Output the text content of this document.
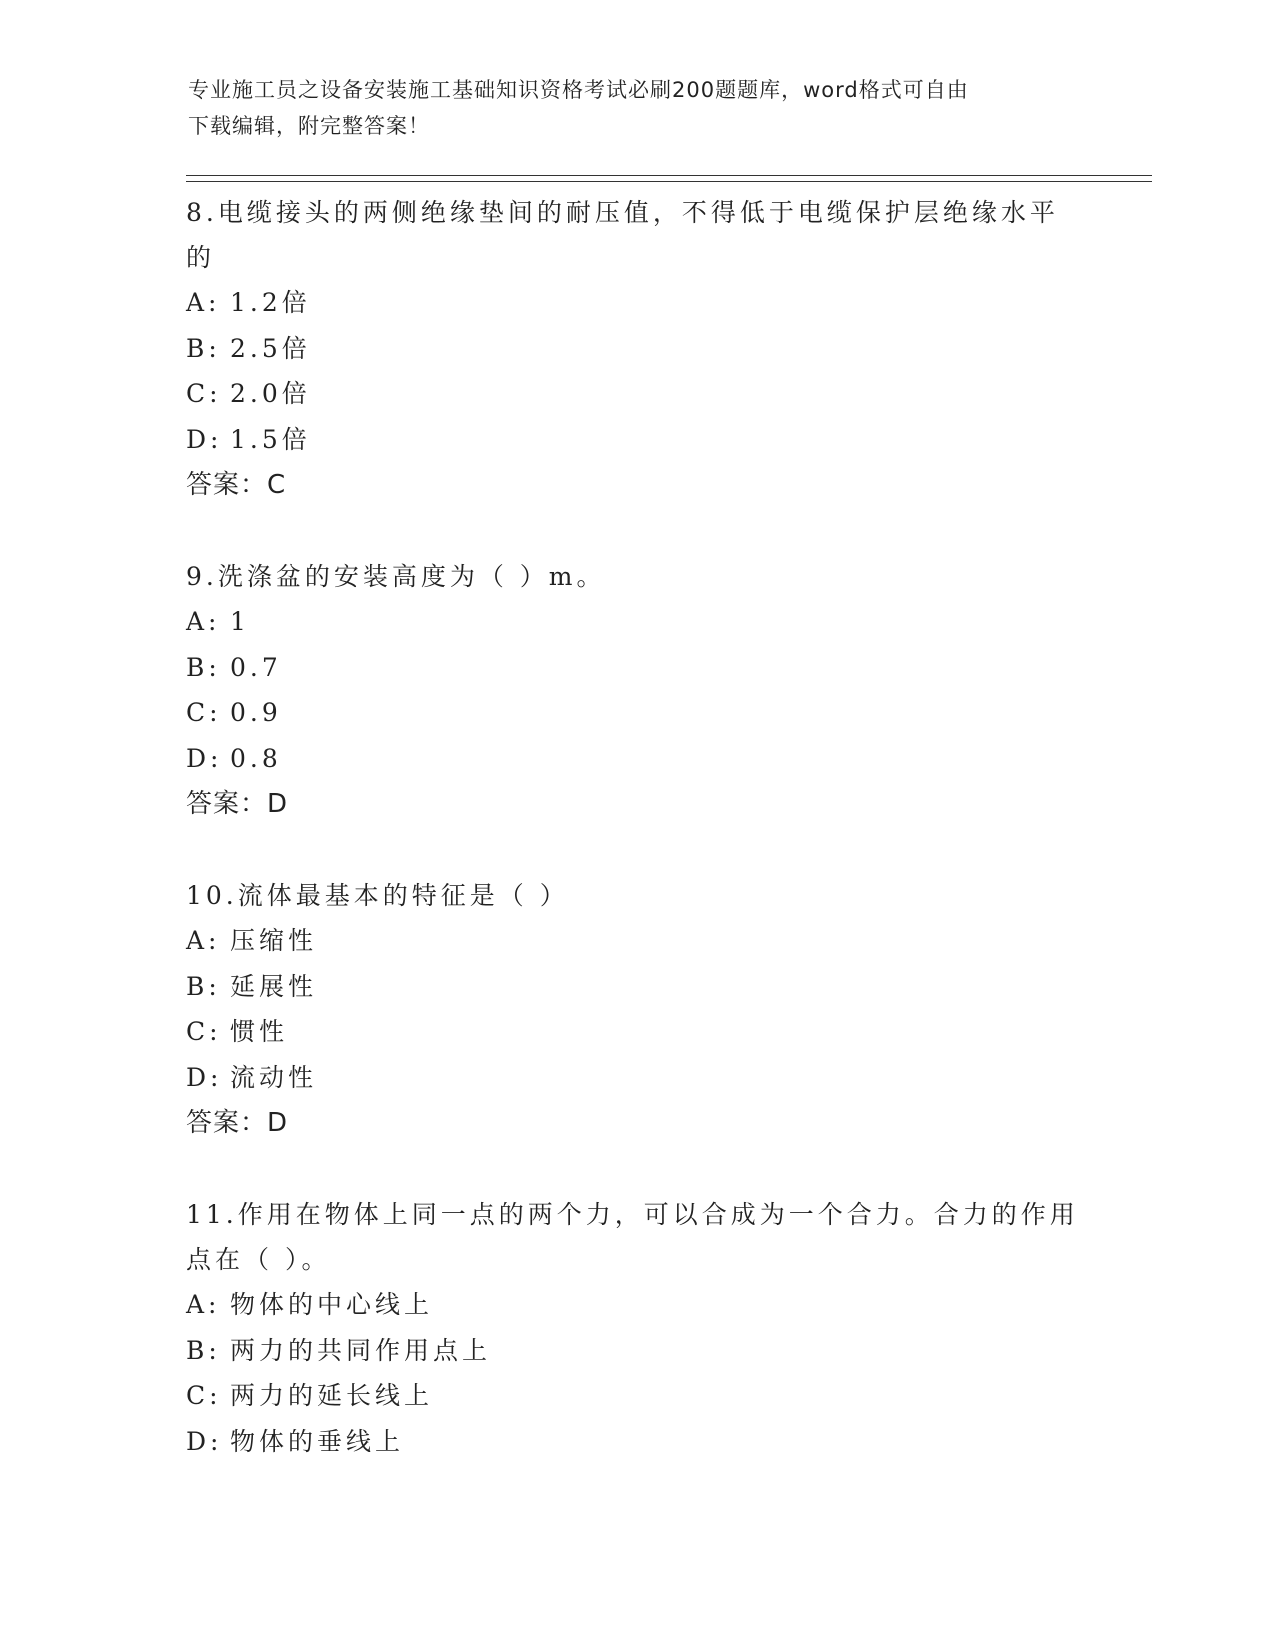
专业施工员之设备安装施工基础知识资格考试必刷200题题库，word格式可自由
下载编辑，附完整答案！
8.电缆接头的两侧绝缘垫间的耐压值，不得低于电缆保护层绝缘水平的
A: 1.2倍
B: 2.5倍
C: 2.0倍
D: 1.5倍
答案：C
9.洗涤盆的安装高度为（ ）m。
A: 1
B: 0.7
C: 0.9
D: 0.8
答案：D
10.流体最基本的特征是（ ）
A: 压缩性
B: 延展性
C: 惯性
D: 流动性
答案：D
11.作用在物体上同一点的两个力，可以合成为一个合力。合力的作用点在（ ）。
A: 物体的中心线上
B: 两力的共同作用点上
C: 两力的延长线上
D: 物体的垂线上
